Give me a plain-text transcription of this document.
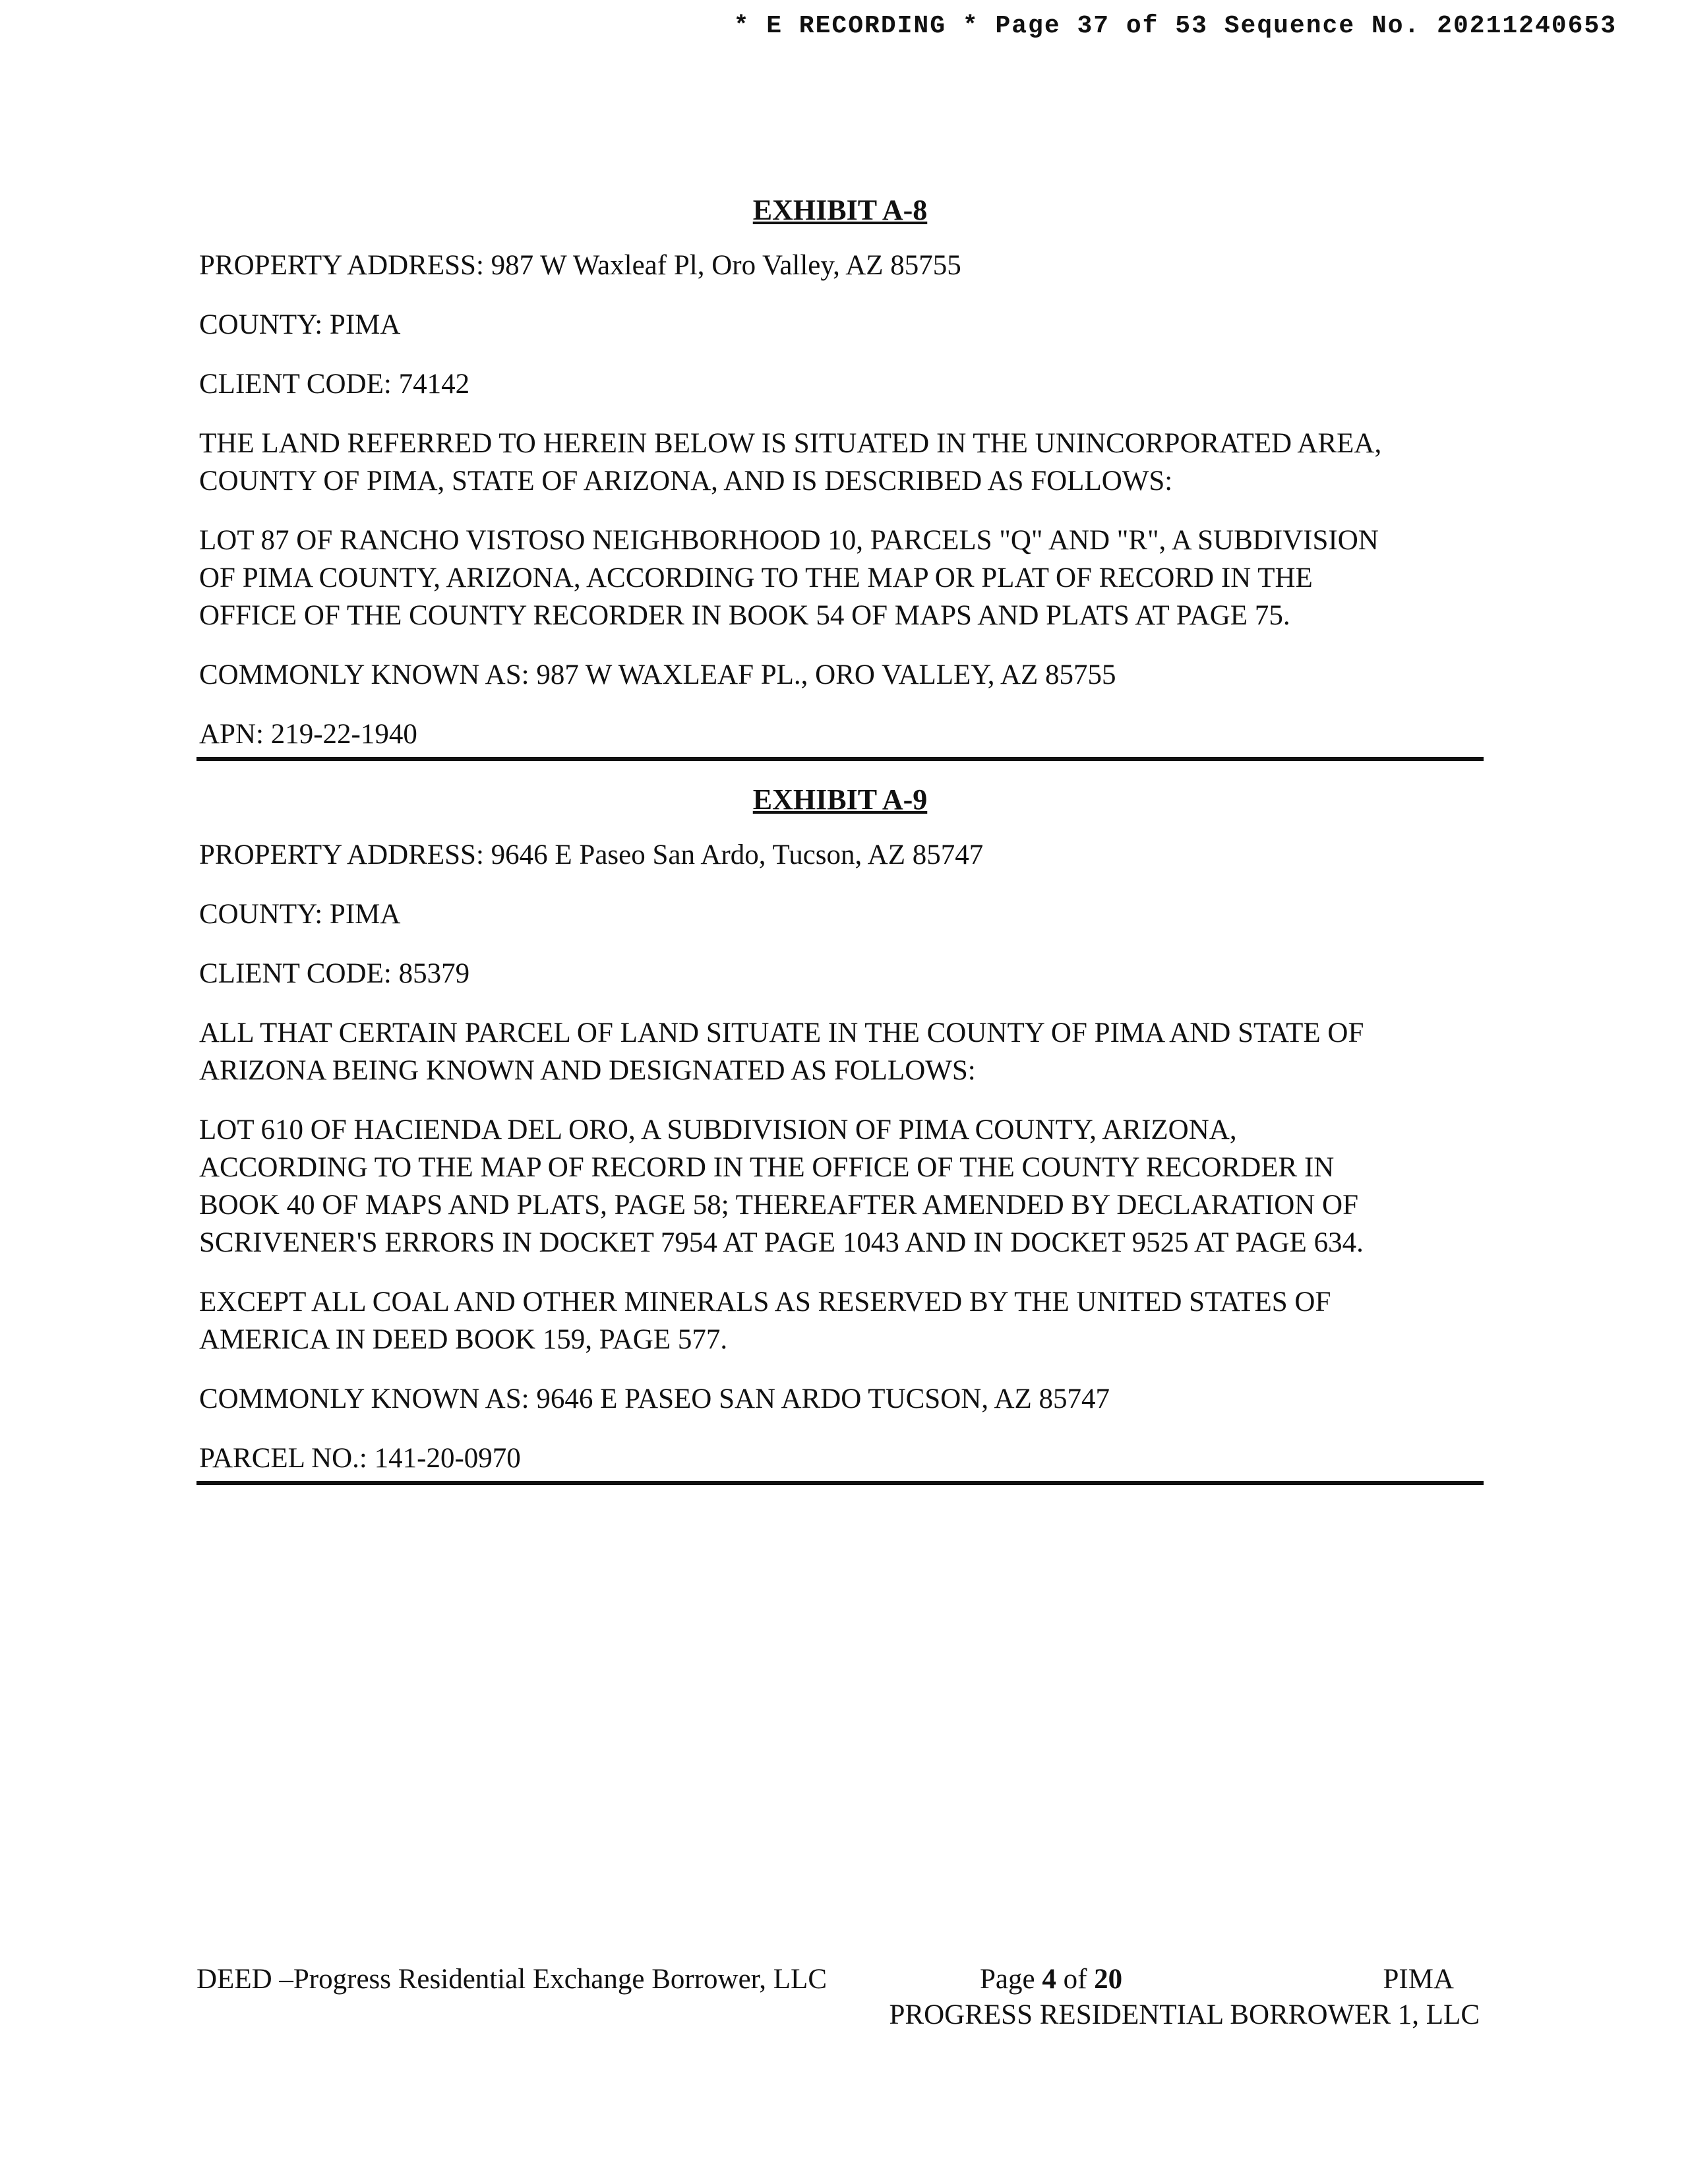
* E RECORDING * Page 37 of 53 Sequence No. 20211240653
EXHIBIT A-8
PROPERTY ADDRESS: 987 W Waxleaf Pl, Oro Valley, AZ 85755
COUNTY: PIMA
CLIENT CODE: 74142
THE LAND REFERRED TO HEREIN BELOW IS SITUATED IN THE UNINCORPORATED AREA,
COUNTY OF PIMA, STATE OF ARIZONA, AND IS DESCRIBED AS FOLLOWS:
LOT 87 OF RANCHO VISTOSO NEIGHBORHOOD 10, PARCELS "Q" AND "R", A SUBDIVISION
OF PIMA COUNTY, ARIZONA, ACCORDING TO THE MAP OR PLAT OF RECORD IN THE
OFFICE OF THE COUNTY RECORDER IN BOOK 54 OF MAPS AND PLATS AT PAGE 75.
COMMONLY KNOWN AS: 987 W WAXLEAF PL., ORO VALLEY, AZ 85755
APN: 219-22-1940
EXHIBIT A-9
PROPERTY ADDRESS: 9646 E Paseo San Ardo, Tucson, AZ 85747
COUNTY: PIMA
CLIENT CODE: 85379
ALL THAT CERTAIN PARCEL OF LAND SITUATE IN THE COUNTY OF PIMA AND STATE OF
ARIZONA BEING KNOWN AND DESIGNATED AS FOLLOWS:
LOT 610 OF HACIENDA DEL ORO, A SUBDIVISION OF PIMA COUNTY, ARIZONA,
ACCORDING TO THE MAP OF RECORD IN THE OFFICE OF THE COUNTY RECORDER IN
BOOK 40 OF MAPS AND PLATS, PAGE 58; THEREAFTER AMENDED BY DECLARATION OF
SCRIVENER'S ERRORS IN DOCKET 7954 AT PAGE 1043 AND IN DOCKET 9525 AT PAGE 634.
EXCEPT ALL COAL AND OTHER MINERALS AS RESERVED BY THE UNITED STATES OF
AMERICA IN DEED BOOK 159, PAGE 577.
COMMONLY KNOWN AS: 9646 E PASEO SAN ARDO TUCSON, AZ 85747
PARCEL NO.: 141-20-0970
DEED –Progress Residential Exchange Borrower, LLC	Page 4 of 20	PIMA
PROGRESS RESIDENTIAL BORROWER 1, LLC
